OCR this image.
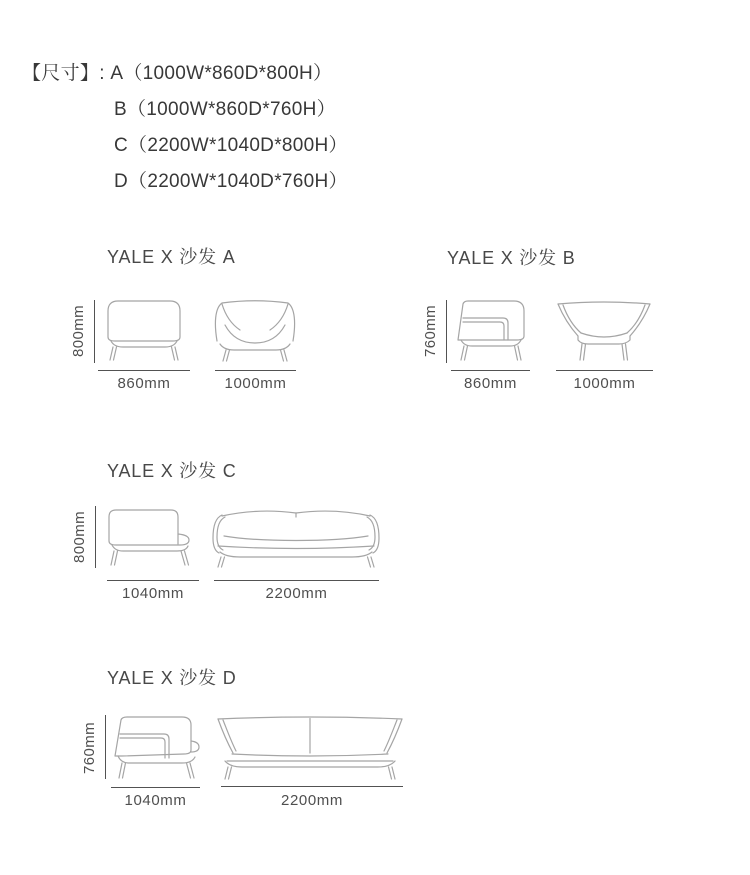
【尺寸】: A（1000W*860D*800H）
B（1000W*860D*760H）
C（2200W*1040D*800H）
D（2200W*1040D*760H）
YALE X 沙发 A
800mm
860mm	1000mm
YALE X 沙发 B
760mm
860mm	1000mm
YALE X 沙发 C
800mm
1040mm	2200mm
YALE X 沙发 D
760mm
1040mm	2200mm
